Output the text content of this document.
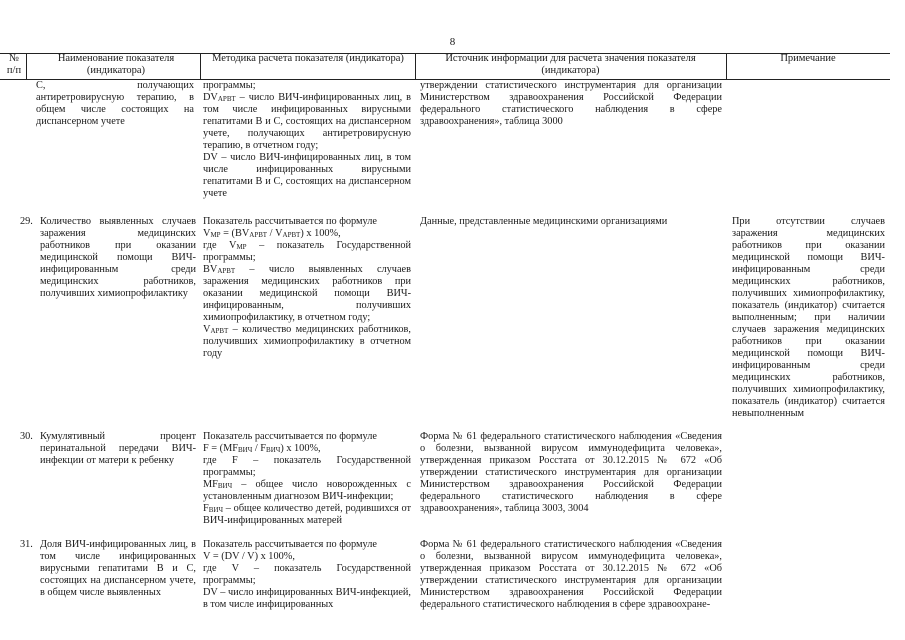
8
№ п/п
Наименование показателя (индикатора)
Методика расчета показателя (индикатора)	Источник информации для расчета значения показателя (индикатора)
Примечание
С, получающих антиретровирусную терапию, в общем числе состоящих на диспансерном учете
программы;
$DV_{АРВТ}$ – число ВИЧ-инфицированных лиц, в том числе инфицированных вирусными гепатитами В и С, состоящих на диспансерном учете, получающих антиретровирусную терапию, в отчетном году;
DV – число ВИЧ-инфицированных лиц, в том числе инфицированных вирусными гепатитами В и С, состоящих на диспансерном учете
утверждении статистического инструментария для организации Министерством здравоохранения Российской Федерации федерального статистического наблюдения в сфере здравоохранения», таблица 3000
29. Количество выявленных случаев заражения медицинских работников при оказании медицинской помощи ВИЧ-инфицированным среди медицинских работников, получивших химиопрофилактику
Показатель рассчитывается по формуле
$V_{MP} = (BV_{АРВТ} / V_{АРВТ})$ х 100%,
где $V_{MP}$ – показатель Государственной программы;
$BV_{АРВТ}$ – число выявленных случаев заражения медицинских работников при оказании медицинской помощи ВИЧ-инфицированным, получивших химиопрофилактику, в отчетном году;
$V_{АРВТ}$ – количество медицинских работников, получивших химиопрофилактику в отчетном году
Данные, представленные медицинскими организациями	При отсутствии случаев заражения медицинских работников при оказании медицинской помощи ВИЧ-инфицированным среди медицинских работников, получивших химиопрофилактику, показатель (индикатор) считается выполненным; при наличии случаев заражения медицинских работников при оказании медицинской помощи ВИЧ-инфицированным среди медицинских работников, получивших химиопрофилактику, показатель (индикатор) считается невыполненным
30. Кумулятивный процент перинатальной передачи ВИЧ-инфекции от матери к ребенку
Показатель рассчитывается по формуле
$F = (MF_{ВИЧ} / F_{ВИЧ})$ х 100%,
где F – показатель Государственной программы;
$MF_{ВИЧ}$ – общее число новорожденных с установленным диагнозом ВИЧ-инфекции;
$F_{ВИЧ}$ – общее количество детей, родившихся от ВИЧ-инфицированных матерей
Форма № 61 федерального статистического наблюдения «Сведения о болезни, вызванной вирусом иммунодефицита человека», утвержденная приказом Росстата от 30.12.2015 № 672 «Об утверждении статистического инструментария для организации Министерством здравоохранения Российской Федерации федерального статистического наблюдения в сфере здравоохранения», таблица 3003, 3004
31. Доля ВИЧ-инфицированных лиц, в том числе инфицированных вирусными гепатитами В и С, состоящих на диспансерном учете, в общем числе выявленных
Показатель рассчитывается по формуле
V = (DV / V) х 100%,
где V – показатель Государственной программы;
DV – число инфицированных ВИЧ-инфекцией, в том числе инфицированных
Форма № 61 федерального статистического наблюдения «Сведения о болезни, вызванной вирусом иммунодефицита человека», утвержденная приказом Росстата от 30.12.2015 № 672 «Об утверждении статистического инструментария для организации Министерством здравоохранения Российской Федерации федерального статистического наблюдения в сфере здравоохране-
